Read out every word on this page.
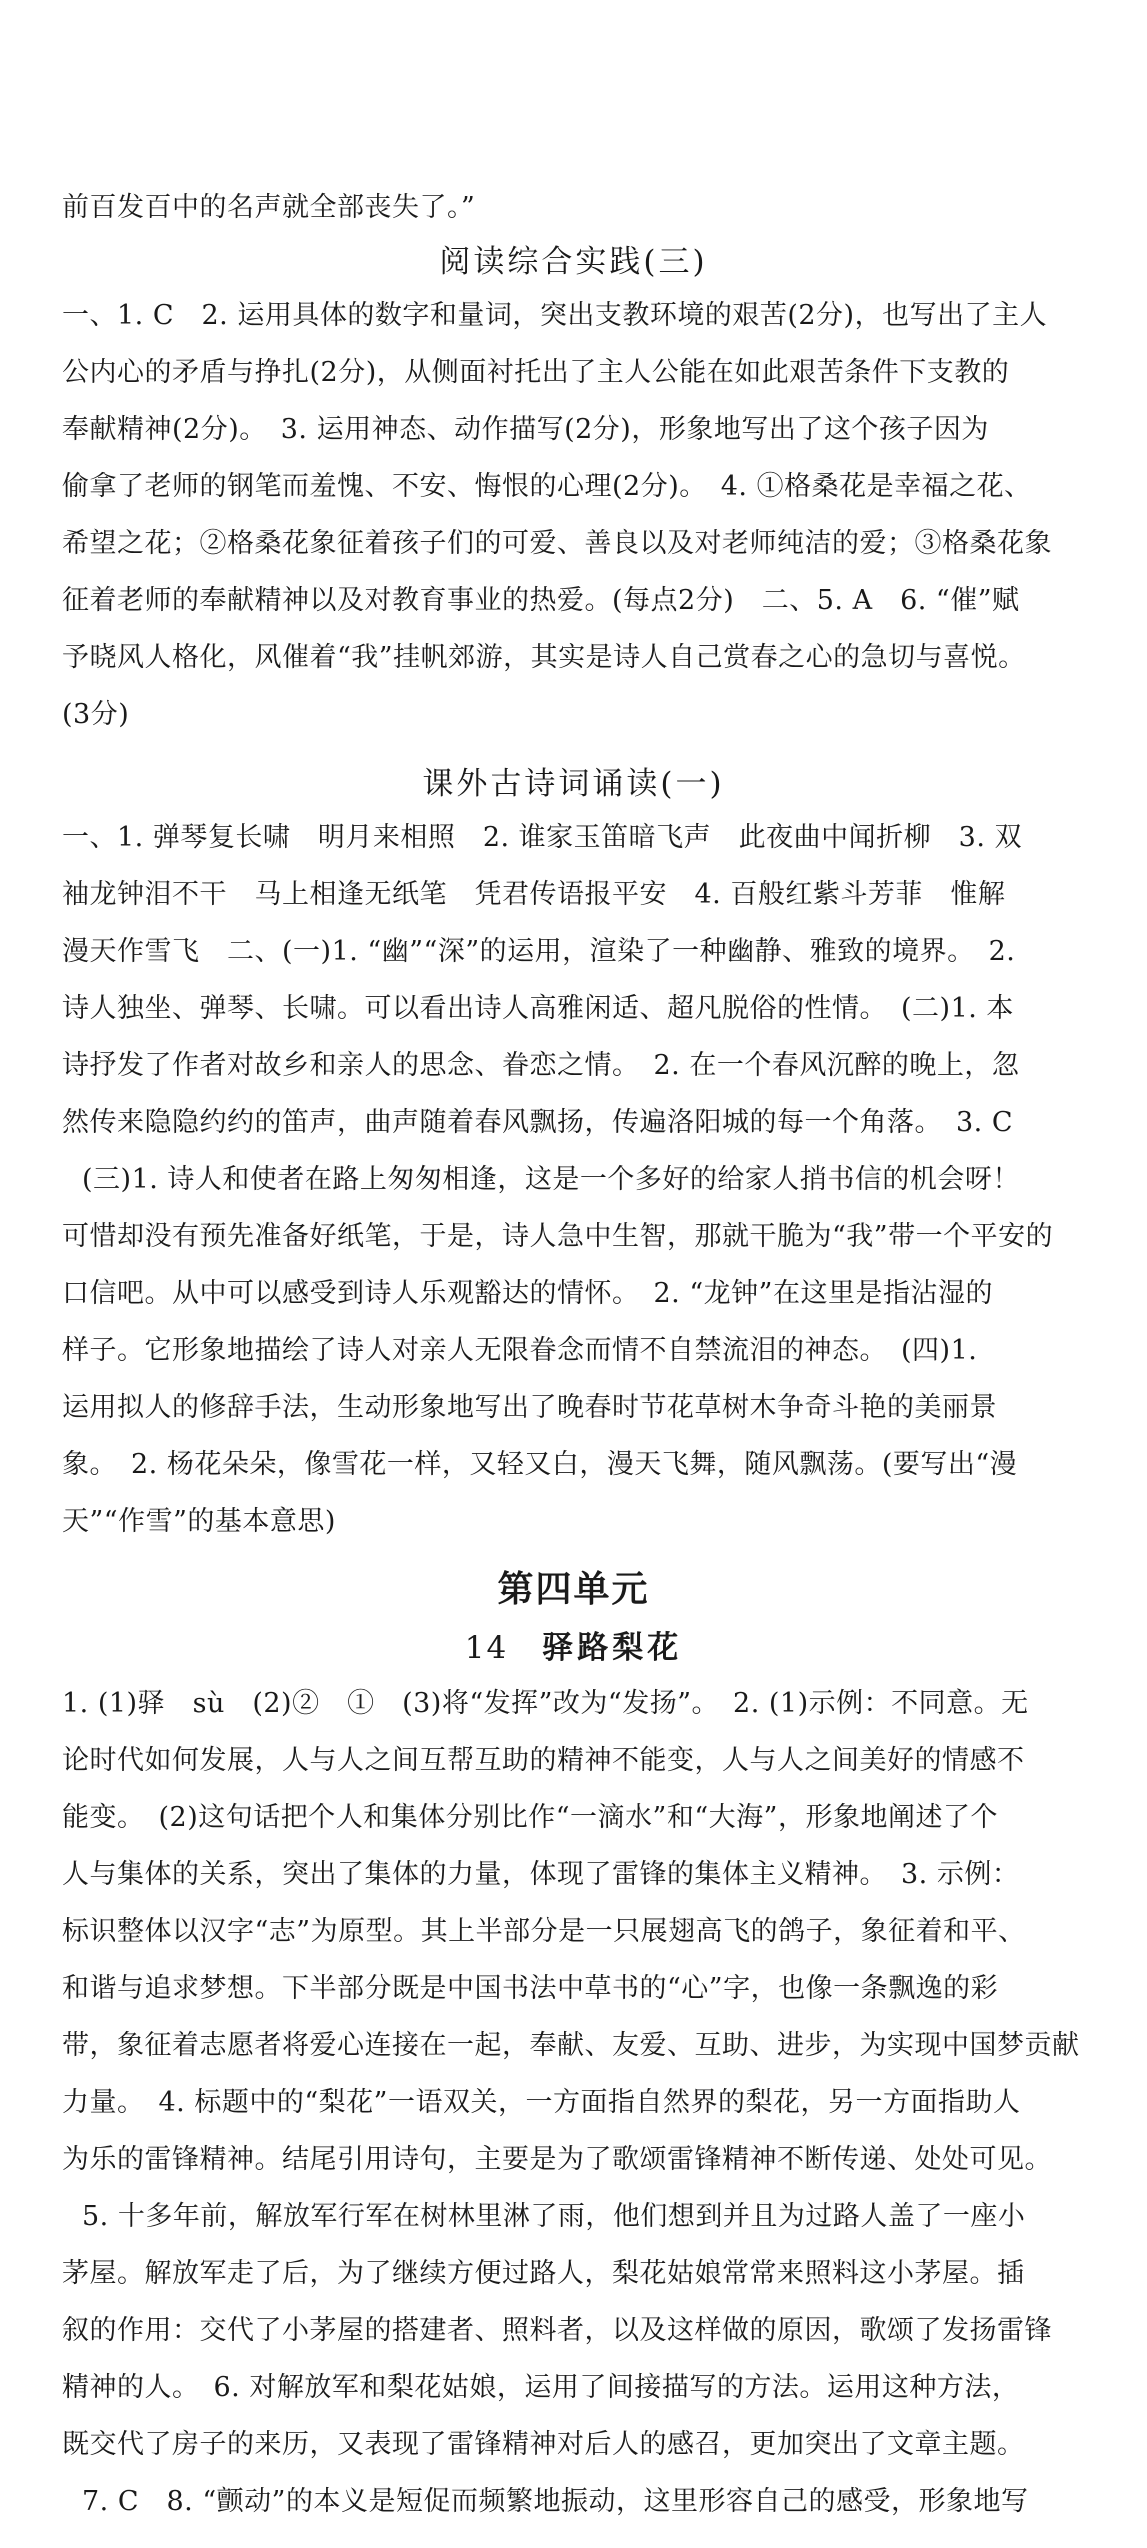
前百发百中的名声就全部丧失了。”
阅读综合实践(三)
一、1. C　2. 运用具体的数字和量词，突出支教环境的艰苦(2分)，也写出了主人
公内心的矛盾与挣扎(2分)，从侧面衬托出了主人公能在如此艰苦条件下支教的
奉献精神(2分)。　3. 运用神态、动作描写(2分)，形象地写出了这个孩子因为
偷拿了老师的钢笔而羞愧、不安、悔恨的心理(2分)。　4. ①格桑花是幸福之花、
希望之花；②格桑花象征着孩子们的可爱、善良以及对老师纯洁的爱；③格桑花象
征着老师的奉献精神以及对教育事业的热爱。(每点2分)　二、5. A　6. “催”赋
予晓风人格化，风催着“我”挂帆郊游，其实是诗人自己赏春之心的急切与喜悦。
(3分)
课外古诗词诵读(一)
一、1. 弹琴复长啸　明月来相照　2. 谁家玉笛暗飞声　此夜曲中闻折柳　3. 双
袖龙钟泪不干　马上相逢无纸笔　凭君传语报平安　4. 百般红紫斗芳菲　惟解
漫天作雪飞　二、(一)1. “幽”“深”的运用，渲染了一种幽静、雅致的境界。　2.
诗人独坐、弹琴、长啸。可以看出诗人高雅闲适、超凡脱俗的性情。　(二)1. 本
诗抒发了作者对故乡和亲人的思念、眷恋之情。　2. 在一个春风沉醉的晚上，忽
然传来隐隐约约的笛声，曲声随着春风飘扬，传遍洛阳城的每一个角落。　3. C
(三)1. 诗人和使者在路上匆匆相逢，这是一个多好的给家人捎书信的机会呀！
可惜却没有预先准备好纸笔，于是，诗人急中生智，那就干脆为“我”带一个平安的
口信吧。从中可以感受到诗人乐观豁达的情怀。　2. “龙钟”在这里是指沾湿的
样子。它形象地描绘了诗人对亲人无限眷念而情不自禁流泪的神态。　(四)1.
运用拟人的修辞手法，生动形象地写出了晚春时节花草树木争奇斗艳的美丽景
象。　2. 杨花朵朵，像雪花一样，又轻又白，漫天飞舞，随风飘荡。(要写出“漫
天”“作雪”的基本意思)
第四单元
14 驿路梨花
1. (1)驿　sù　(2)②　①　(3)将“发挥”改为“发扬”。　2. (1)示例：不同意。无
论时代如何发展，人与人之间互帮互助的精神不能变，人与人之间美好的情感不
能变。　(2)这句话把个人和集体分别比作“一滴水”和“大海”，形象地阐述了个
人与集体的关系，突出了集体的力量，体现了雷锋的集体主义精神。　3. 示例：
标识整体以汉字“志”为原型。其上半部分是一只展翅高飞的鸽子，象征着和平、
和谐与追求梦想。下半部分既是中国书法中草书的“心”字，也像一条飘逸的彩
带，象征着志愿者将爱心连接在一起，奉献、友爱、互助、进步，为实现中国梦贡献
力量。　4. 标题中的“梨花”一语双关，一方面指自然界的梨花，另一方面指助人
为乐的雷锋精神。结尾引用诗句，主要是为了歌颂雷锋精神不断传递、处处可见。
5. 十多年前，解放军行军在树林里淋了雨，他们想到并且为过路人盖了一座小
茅屋。解放军走了后，为了继续方便过路人，梨花姑娘常常来照料这小茅屋。插
叙的作用：交代了小茅屋的搭建者、照料者，以及这样做的原因，歌颂了发扬雷锋
精神的人。　6. 对解放军和梨花姑娘，运用了间接描写的方法。运用这种方法，
既交代了房子的来历，又表现了雷锋精神对后人的感召，更加突出了文章主题。
7. C　8. “颤动”的本义是短促而频繁地振动，这里形容自己的感受，形象地写
